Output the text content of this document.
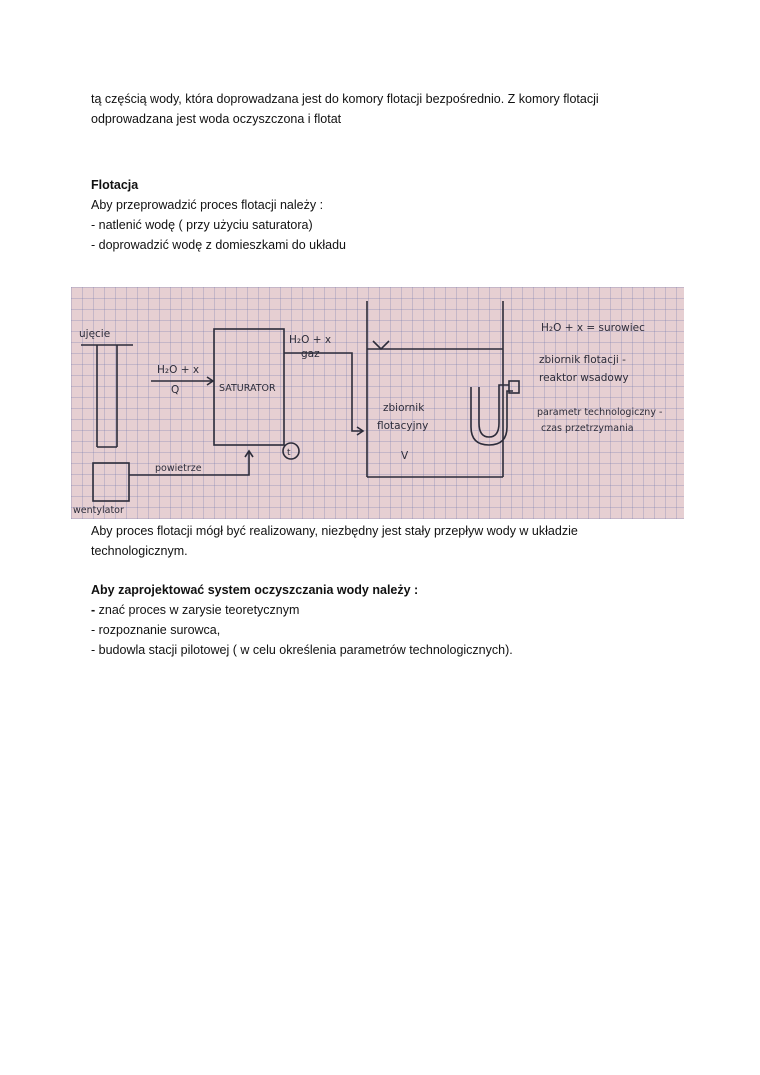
tą częścią wody, która doprowadzana jest do komory flotacji bezpośrednio. Z komory flotacji
odprowadzana jest woda oczyszczona i flotat
Flotacja
Aby przeprowadzić proces flotacji należy :
- natlenić wodę ( przy użyciu saturatora)
- doprowadzić wodę z domieszkami do układu
ujęcie
H₂O + x
Q	SATURATOR
t
powietrze
wentylator
H₂O + x
gaz
zbiornik
flotacyjny
V
H₂O + x = surowiec
zbiornik flotacji -
reaktor wsadowy
parametr technologiczny -
czas przetrzymania
Aby proces flotacji mógł być realizowany, niezbędny jest stały przepływ wody w układzie
technologicznym.
Aby zaprojektować system oczyszczania wody należy :
- znać proces w zarysie teoretycznym
- rozpoznanie surowca,
- budowla stacji pilotowej ( w celu określenia parametrów technologicznych).
